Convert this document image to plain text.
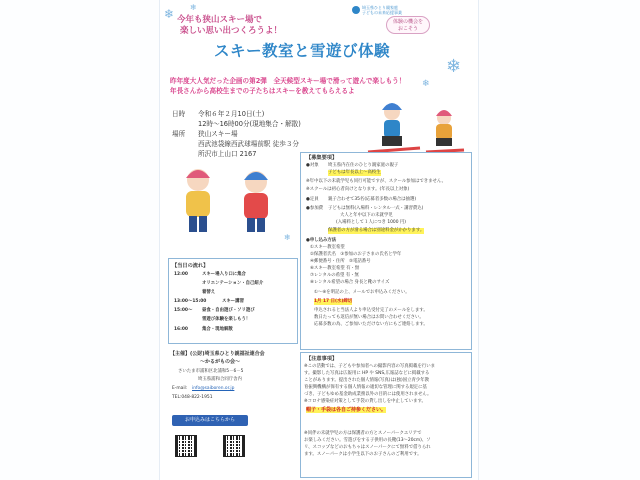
❄
❄
❄
❄
❄
今年も狭山スキー場で
楽しい思い出つくろうよ！
埼玉県ひとり親家庭
子どもの未来応援事業
体験の機会を
おこそう
スキー教室と雪遊び体験
昨年度大人気だった企画の第2弾　全天候型スキー場で滑って遊んで楽しもう！
年長さんから高校生までの子たちはスキーを教えてもらえるよ
日時 令和６年２月10日(土)
12時～16時00分(現地集合・解散)
場所 狭山スキー場
西武池袋線西武球場前駅 徒歩３分
所沢市上山口 2167	【募集要項】
●対象 埼玉県内在住のひとり親家庭の親子
子どもは年長以上～高校生
※年中以下の未就学児も同行可能ですが、スクール参加はできません。
※スクールは初心者向けとなります。(年長以上対象)
●定員 親子合わせて35名(応募者多数の場合は抽選)
●参加費 子どもは無料(入場料・レンタル一式・講習費込)
大人と年中以下の未就学児
(入場料として１人につき 1000 円)
保護者の方が滑る場合は別途料金がかかります。
●申し込み方法
①スキー教室希望
②保護者氏名　③参加のお子さまの氏名と学年
④郵便番号・住所　⑤電話番号
⑥スキー教室希望 有・無
⑦レンタルの希望 有・無
⑧レンタル希望の場合 身長と靴のサイズ
①～⑧を明記の上、メールでお申込みください。
1月 17 日(水)締切
申込されると当法人より申込受付完了のメールをします。
数日たっても返信が無い場合はお問い合わせください。
応募多数の為、ご参加いただけない方にもご連絡します。
【当日の流れ】
12:00	スキー場入り口に集合
オリエンテーション・自己紹介
着替え
13:00～15:00	スキー講習
15:00～ 昼食・自由遊び・ソリ遊び
雪遊び体験を楽しもう！
16:00	集合・現地解散
【主催】(公財)埼玉県ひとり親福祉連合会
～かるがもの会～
さいたま市浦和区北浦和5－6－5
埼玉県浦和合同庁舎内
E-mail: info@saiboren.or.jp
TEL:048-822-1951
お申込みはこちらから
【注意事項】
※この活動では、子どもや参加者への撮影内容の写真掲載を行いま
す。撮影した写真は広報用に HP や SNS,広報誌などに掲載する
ことがあります。提出された個人情報(写真)は(独)国立青少年教
育振興機構が保有する個人情報の適切な管理に関する規定に基
づき、子どもゆめ基金助成業務以外の目的には使用されません。
※コロナ感染症対策として手袋の貸し出しを中止しています。
帽子・手袋は各自ご持参ください。
※同伴の未就学児の方は保護者の方とスノーパークエリアで
お楽しみください。雪遊びをする子供用の長靴(13～20cm)、ソ
リ、スコップなどのおもちゃはスノーパークにて無料で借りられ
ます。スノーパークは小学生以下のお子さんのご利用です。
